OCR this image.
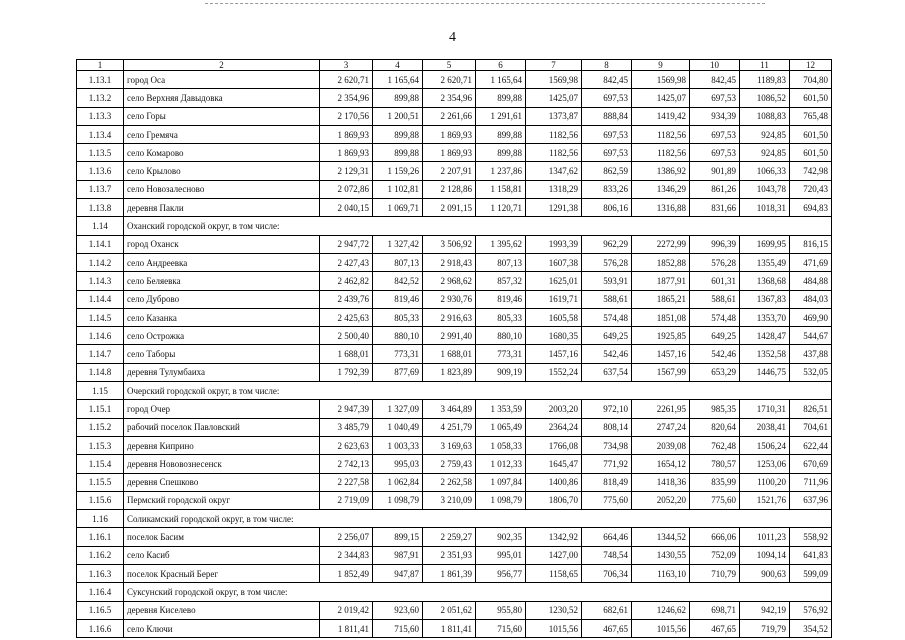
4
1	2	3	4	5	6	7	8	9	10	11	12
1.13.1	город Оса	2 620,71	1 165,64	2 620,71	1 165,64	1569,98	842,45	1569,98	842,45	1189,83	704,80
1.13.2	село Верхняя Давыдовка	2 354,96	899,88	2 354,96	899,88	1425,07	697,53	1425,07	697,53	1086,52	601,50
1.13.3	село Горы	2 170,56	1 200,51	2 261,66	1 291,61	1373,87	888,84	1419,42	934,39	1088,83	765,48
1.13.4	село Гремяча	1 869,93	899,88	1 869,93	899,88	1182,56	697,53	1182,56	697,53	924,85	601,50
1.13.5	село Комарово	1 869,93	899,88	1 869,93	899,88	1182,56	697,53	1182,56	697,53	924,85	601,50
1.13.6	село Крылово	2 129,31	1 159,26	2 207,91	1 237,86	1347,62	862,59	1386,92	901,89	1066,33	742,98
1.13.7	село Новозалесново	2 072,86	1 102,81	2 128,86	1 158,81	1318,29	833,26	1346,29	861,26	1043,78	720,43
1.13.8	деревня Пакли	2 040,15	1 069,71	2 091,15	1 120,71	1291,38	806,16	1316,88	831,66	1018,31	694,83
1.14	Оханский городской округ, в том числе:										
1.14.1	город Оханск	2 947,72	1 327,42	3 506,92	1 395,62	1993,39	962,29	2272,99	996,39	1699,95	816,15
1.14.2	село Андреевка	2 427,43	807,13	2 918,43	807,13	1607,38	576,28	1852,88	576,28	1355,49	471,69
1.14.3	село Беляевка	2 462,82	842,52	2 968,62	857,32	1625,01	593,91	1877,91	601,31	1368,68	484,88
1.14.4	село Дуброво	2 439,76	819,46	2 930,76	819,46	1619,71	588,61	1865,21	588,61	1367,83	484,03
1.14.5	село Казанка	2 425,63	805,33	2 916,63	805,33	1605,58	574,48	1851,08	574,48	1353,70	469,90
1.14.6	село Острожка	2 500,40	880,10	2 991,40	880,10	1680,35	649,25	1925,85	649,25	1428,47	544,67
1.14.7	село Таборы	1 688,01	773,31	1 688,01	773,31	1457,16	542,46	1457,16	542,46	1352,58	437,88
1.14.8	деревня Тулумбаиха	1 792,39	877,69	1 823,89	909,19	1552,24	637,54	1567,99	653,29	1446,75	532,05
1.15	Очерский городской округ, в том числе:										
1.15.1	город Очер	2 947,39	1 327,09	3 464,89	1 353,59	2003,20	972,10	2261,95	985,35	1710,31	826,51
1.15.2	рабочий поселок Павловский	3 485,79	1 040,49	4 251,79	1 065,49	2364,24	808,14	2747,24	820,64	2038,41	704,61
1.15.3	деревня Киприно	2 623,63	1 003,33	3 169,63	1 058,33	1766,08	734,98	2039,08	762,48	1506,24	622,44
1.15.4	деревня Нововознесенск	2 742,13	995,03	2 759,43	1 012,33	1645,47	771,92	1654,12	780,57	1253,06	670,69
1.15.5	деревня Спешково	2 227,58	1 062,84	2 262,58	1 097,84	1400,86	818,49	1418,36	835,99	1100,20	711,96
1.15.6	Пермский городской округ	2 719,09	1 098,79	3 210,09	1 098,79	1806,70	775,60	2052,20	775,60	1521,76	637,96
1.16	Соликамский городской округ, в том числе:										
1.16.1	поселок Басим	2 256,07	899,15	2 259,27	902,35	1342,92	664,46	1344,52	666,06	1011,23	558,92
1.16.2	село Касиб	2 344,83	987,91	2 351,93	995,01	1427,00	748,54	1430,55	752,09	1094,14	641,83
1.16.3	поселок Красный Берег	1 852,49	947,87	1 861,39	956,77	1158,65	706,34	1163,10	710,79	900,63	599,09
1.16.4	Суксунский городской округ, в том числе:										
1.16.5	деревня Киселево	2 019,42	923,60	2 051,62	955,80	1230,52	682,61	1246,62	698,71	942,19	576,92
1.16.6	село Ключи	1 811,41	715,60	1 811,41	715,60	1015,56	467,65	1015,56	467,65	719,79	354,52
